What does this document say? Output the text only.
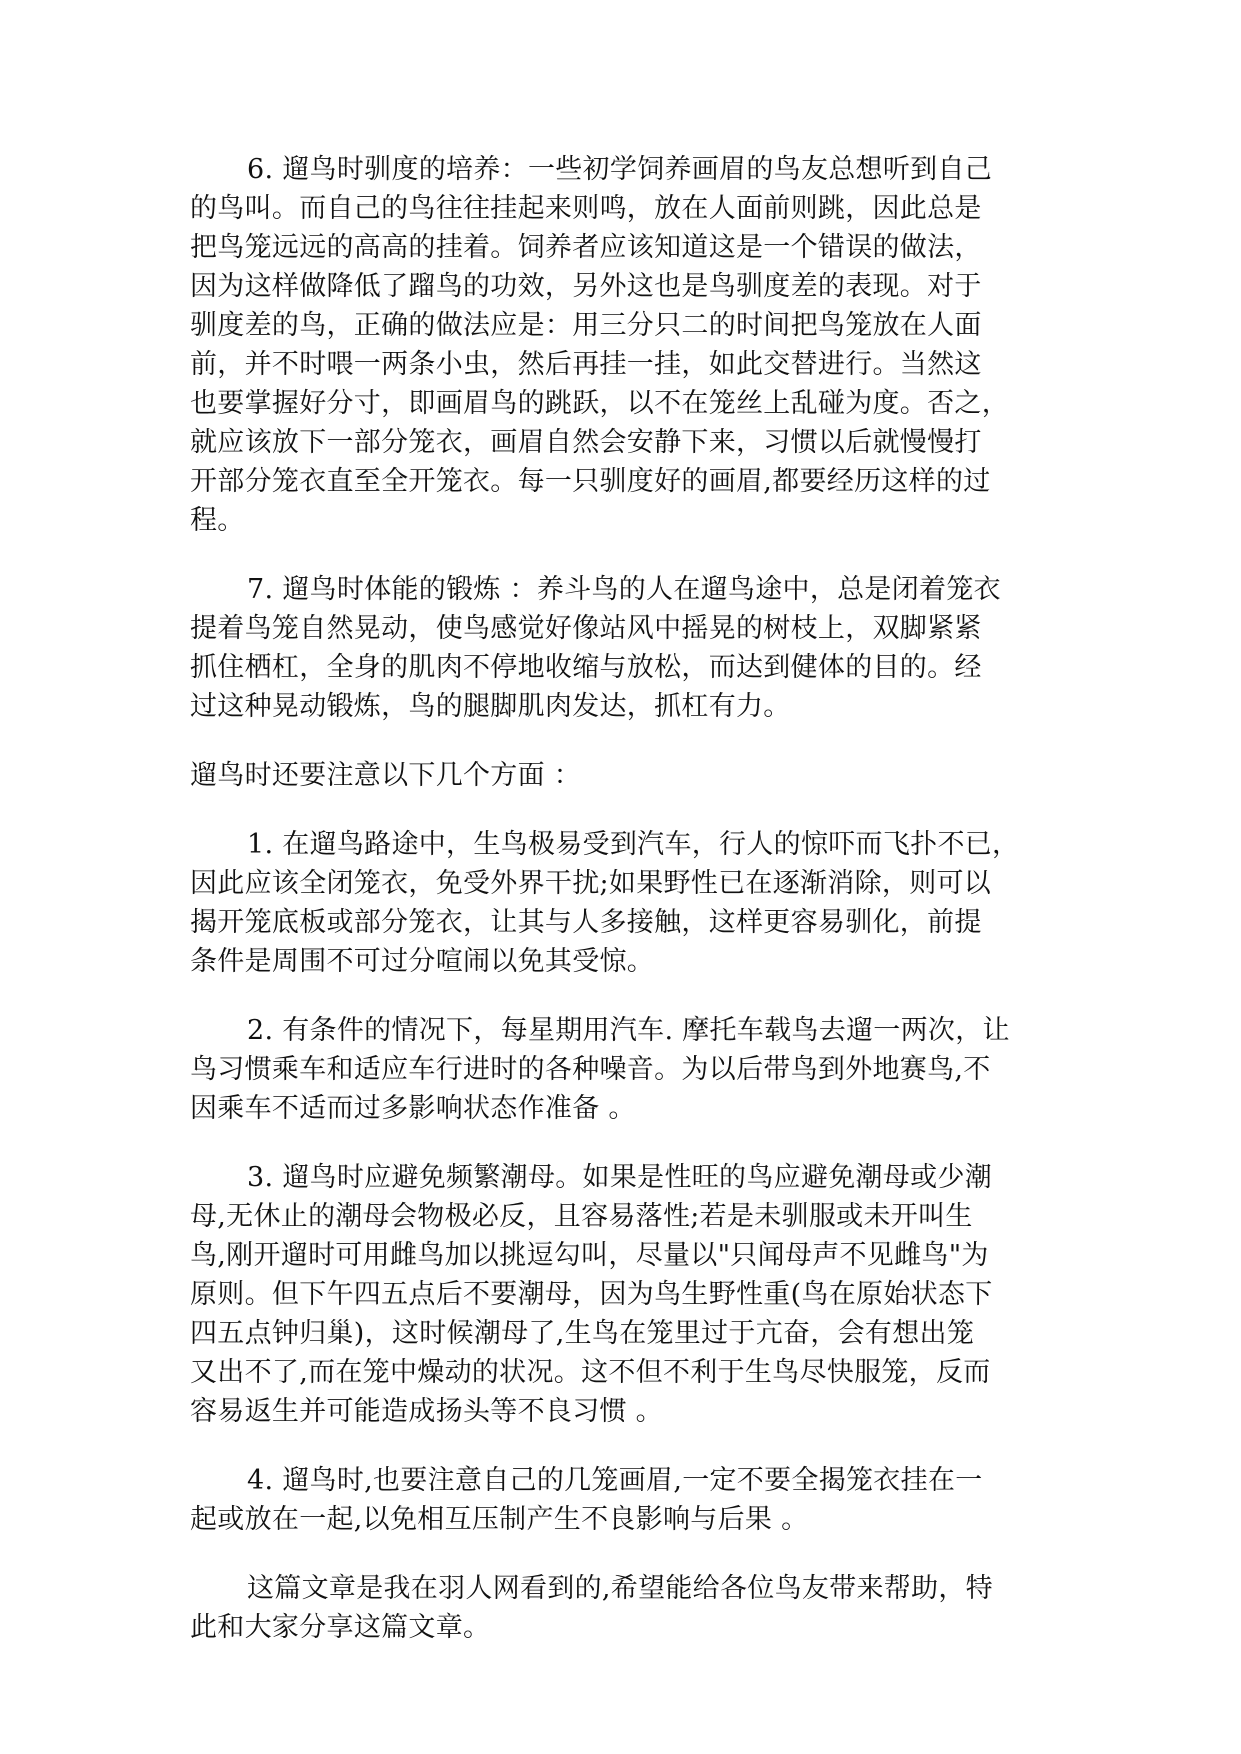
6. 遛鸟时驯度的培养：一些初学饲养画眉的鸟友总想听到自己
的鸟叫。而自己的鸟往往挂起来则鸣，放在人面前则跳，因此总是
把鸟笼远远的高高的挂着。饲养者应该知道这是一个错误的做法，
因为这样做降低了蹓鸟的功效，另外这也是鸟驯度差的表现。对于
驯度差的鸟，正确的做法应是：用三分只二的时间把鸟笼放在人面
前，并不时喂一两条小虫，然后再挂一挂，如此交替进行。当然这
也要掌握好分寸，即画眉鸟的跳跃，以不在笼丝上乱碰为度。否之，
就应该放下一部分笼衣，画眉自然会安静下来，习惯以后就慢慢打
开部分笼衣直至全开笼衣。每一只驯度好的画眉,都要经历这样的过
程。
7. 遛鸟时体能的锻炼 ：养斗鸟的人在遛鸟途中，总是闭着笼衣
提着鸟笼自然晃动，使鸟感觉好像站风中摇晃的树枝上，双脚紧紧
抓住栖杠，全身的肌肉不停地收缩与放松，而达到健体的目的。经
过这种晃动锻炼，鸟的腿脚肌肉发达，抓杠有力。
遛鸟时还要注意以下几个方面 ：
1. 在遛鸟路途中，生鸟极易受到汽车，行人的惊吓而飞扑不已，
因此应该全闭笼衣，免受外界干扰;如果野性已在逐渐消除，则可以
揭开笼底板或部分笼衣，让其与人多接触，这样更容易驯化，前提
条件是周围不可过分喧闹以免其受惊。
2. 有条件的情况下，每星期用汽车. 摩托车载鸟去遛一两次，让
鸟习惯乘车和适应车行进时的各种噪音。为以后带鸟到外地赛鸟,不
因乘车不适而过多影响状态作准备 。
3. 遛鸟时应避免频繁潮母。如果是性旺的鸟应避免潮母或少潮
母,无休止的潮母会物极必反，且容易落性;若是未驯服或未开叫生
鸟,刚开遛时可用雌鸟加以挑逗勾叫，尽量以"只闻母声不见雌鸟"为
原则。但下午四五点后不要潮母，因为鸟生野性重(鸟在原始状态下
四五点钟归巢)，这时候潮母了,生鸟在笼里过于亢奋，会有想出笼
又出不了,而在笼中燥动的状况。这不但不利于生鸟尽快服笼，反而
容易返生并可能造成扬头等不良习惯 。
4. 遛鸟时,也要注意自己的几笼画眉,一定不要全揭笼衣挂在一
起或放在一起,以免相互压制产生不良影响与后果 。
这篇文章是我在羽人网看到的,希望能给各位鸟友带来帮助，特
此和大家分享这篇文章。
